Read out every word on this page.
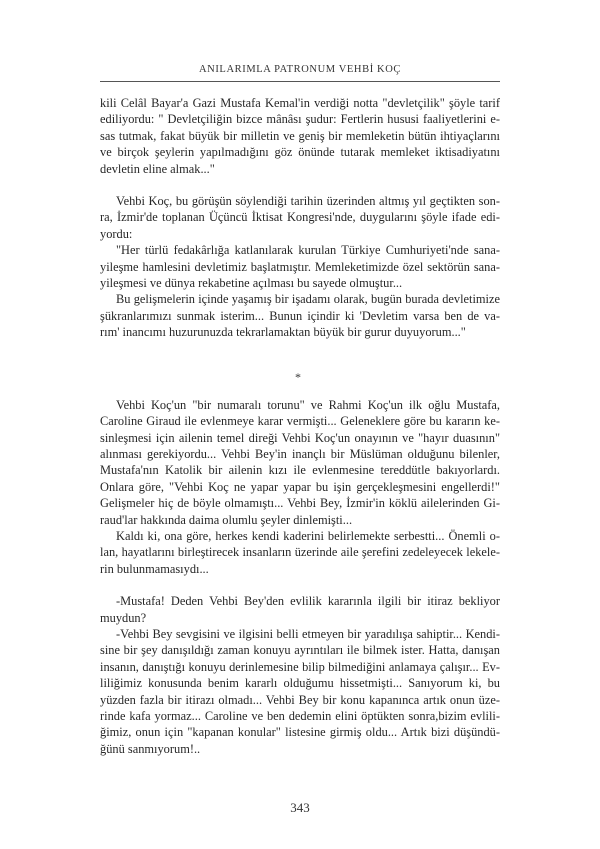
ANILARIMLA PATRONUM VEHBİ KOÇ

kili Celâl Bayar'a Gazi Mustafa Kemal'in verdiği notta "devletçilik" şöyle tarif
ediliyordu: " Devletçiliğin bizce mânâsı şudur: Fertlerin hususi faaliyetlerini e-
sas tutmak, fakat büyük bir milletin ve geniş bir memleketin bütün ihtiyaçlarını
ve birçok şeylerin yapılmadığını göz önünde tutarak memleket iktisadiyatını
devletin eline almak..."

Vehbi Koç, bu görüşün söylendiği tarihin üzerinden altmış yıl geçtikten son-
ra, İzmir'de toplanan Üçüncü İktisat Kongresi'nde, duygularını şöyle ifade edi-
yordu:

"Her türlü fedakârlığa katlanılarak kurulan Türkiye Cumhuriyeti'nde sana-
yileşme hamlesini devletimiz başlatmıştır. Memleketimizde özel sektörün sana-
yileşmesi ve dünya rekabetine açılması bu sayede olmuştur...

Bu gelişmelerin içinde yaşamış bir işadamı olarak, bugün burada devletimize
şükranlarımızı sunmak isterim... Bunun içindir ki 'Devletim varsa ben de va-
rım' inancımı huzurunuzda tekrarlamaktan büyük bir gurur duyuyorum..."

Vehbi Koç'un "bir numaralı torunu" ve Rahmi Koç'un ilk oğlu Mustafa,
Caroline Giraud ile evlenmeye karar vermişti... Geleneklere göre bu kararın ke-
sinleşmesi için ailenin temel direği Vehbi Koç'un onayının ve "hayır duasının"
alınması gerekiyordu... Vehbi Bey'in inançlı bir Müslüman olduğunu bilenler,
Mustafa'nın Katolik bir ailenin kızı ile evlenmesine tereddütle bakıyorlardı.
Onlara göre, "Vehbi Koç ne yapar yapar bu işin gerçekleşmesini engellerdi!"
Gelişmeler hiç de böyle olmamıştı... Vehbi Bey, İzmir'in köklü ailelerinden Gi-
raud'lar hakkında daima olumlu şeyler dinlemişti...

Kaldı ki, ona göre, herkes kendi kaderini belirlemekte serbestti... Önemli o-
lan, hayatlarını birleştirecek insanların üzerinde aile şerefini zedeleyecek lekele-
rin bulunmamasıydı...

-Mustafa! Deden Vehbi Bey'den evlilik kararınla ilgili bir itiraz bekliyor
muydun?

-Vehbi Bey sevgisini ve ilgisini belli etmeyen bir yaradılışa sahiptir... Kendi-
sine bir şey danışıldığı zaman konuyu ayrıntıları ile bilmek ister. Hatta, danışan
insanın, danıştığı konuyu derinlemesine bilip bilmediğini anlamaya çalışır... Ev-
liliğimiz konusunda benim kararlı olduğumu hissetmişti... Sanıyorum ki, bu
yüzden fazla bir itirazı olmadı... Vehbi Bey bir konu kapanınca artık onun üze-
rinde kafa yormaz... Caroline ve ben dedemin elini öptükten sonra,bizim evlili-
ğimiz, onun için "kapanan konular" listesine girmiş oldu... Artık bizi düşündü-
ğünü sanmıyorum!..

*
343
